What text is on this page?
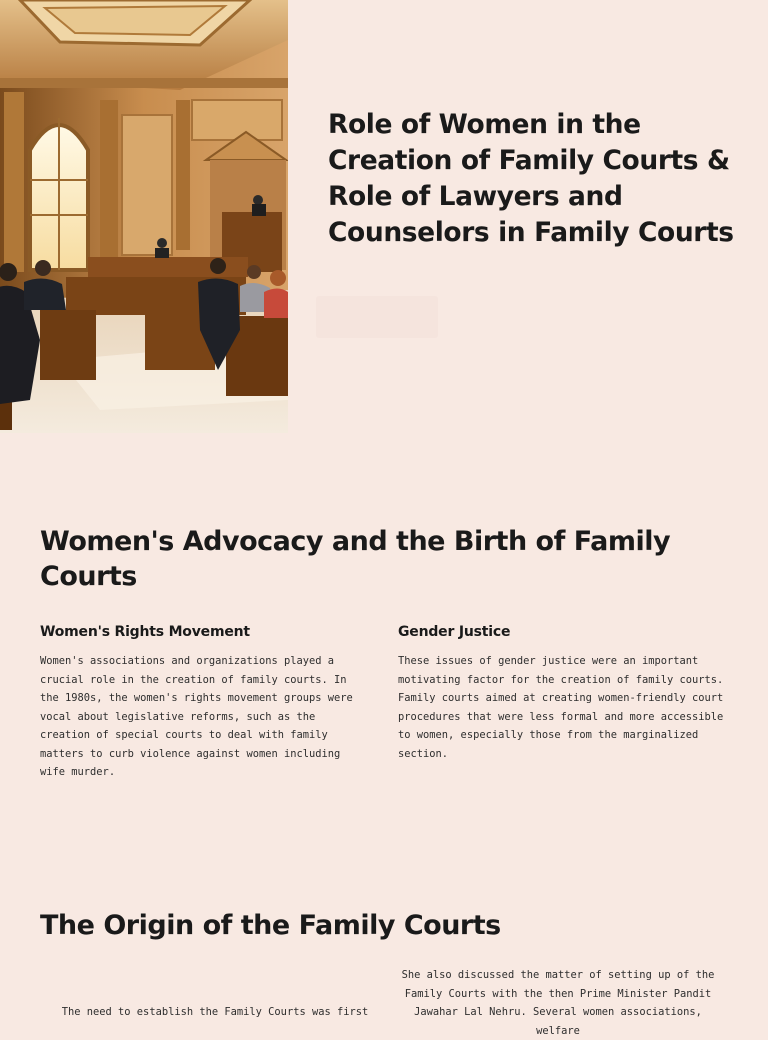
Role of Women in the Creation of Family Courts & Role of Lawyers and Counselors in Family Courts
Women's Advocacy and the Birth of Family Courts
Women's Rights Movement

Women's associations and organizations played a crucial role in the creation of family courts. In the 1980s, the women's rights movement groups were vocal about legislative reforms, such as the creation of special courts to deal with family matters to curb violence against women including wife murder.

Gender Justice

These issues of gender justice were an important motivating factor for the creation of family courts. Family courts aimed at creating women-friendly court procedures that were less formal and more accessible to women, especially those from the marginalized section.

The Origin of the Family Courts

The need to establish the Family Courts was first

She also discussed the matter of setting up of the Family Courts with the then Prime Minister Pandit Jawahar Lal Nehru. Several women associations, welfare
